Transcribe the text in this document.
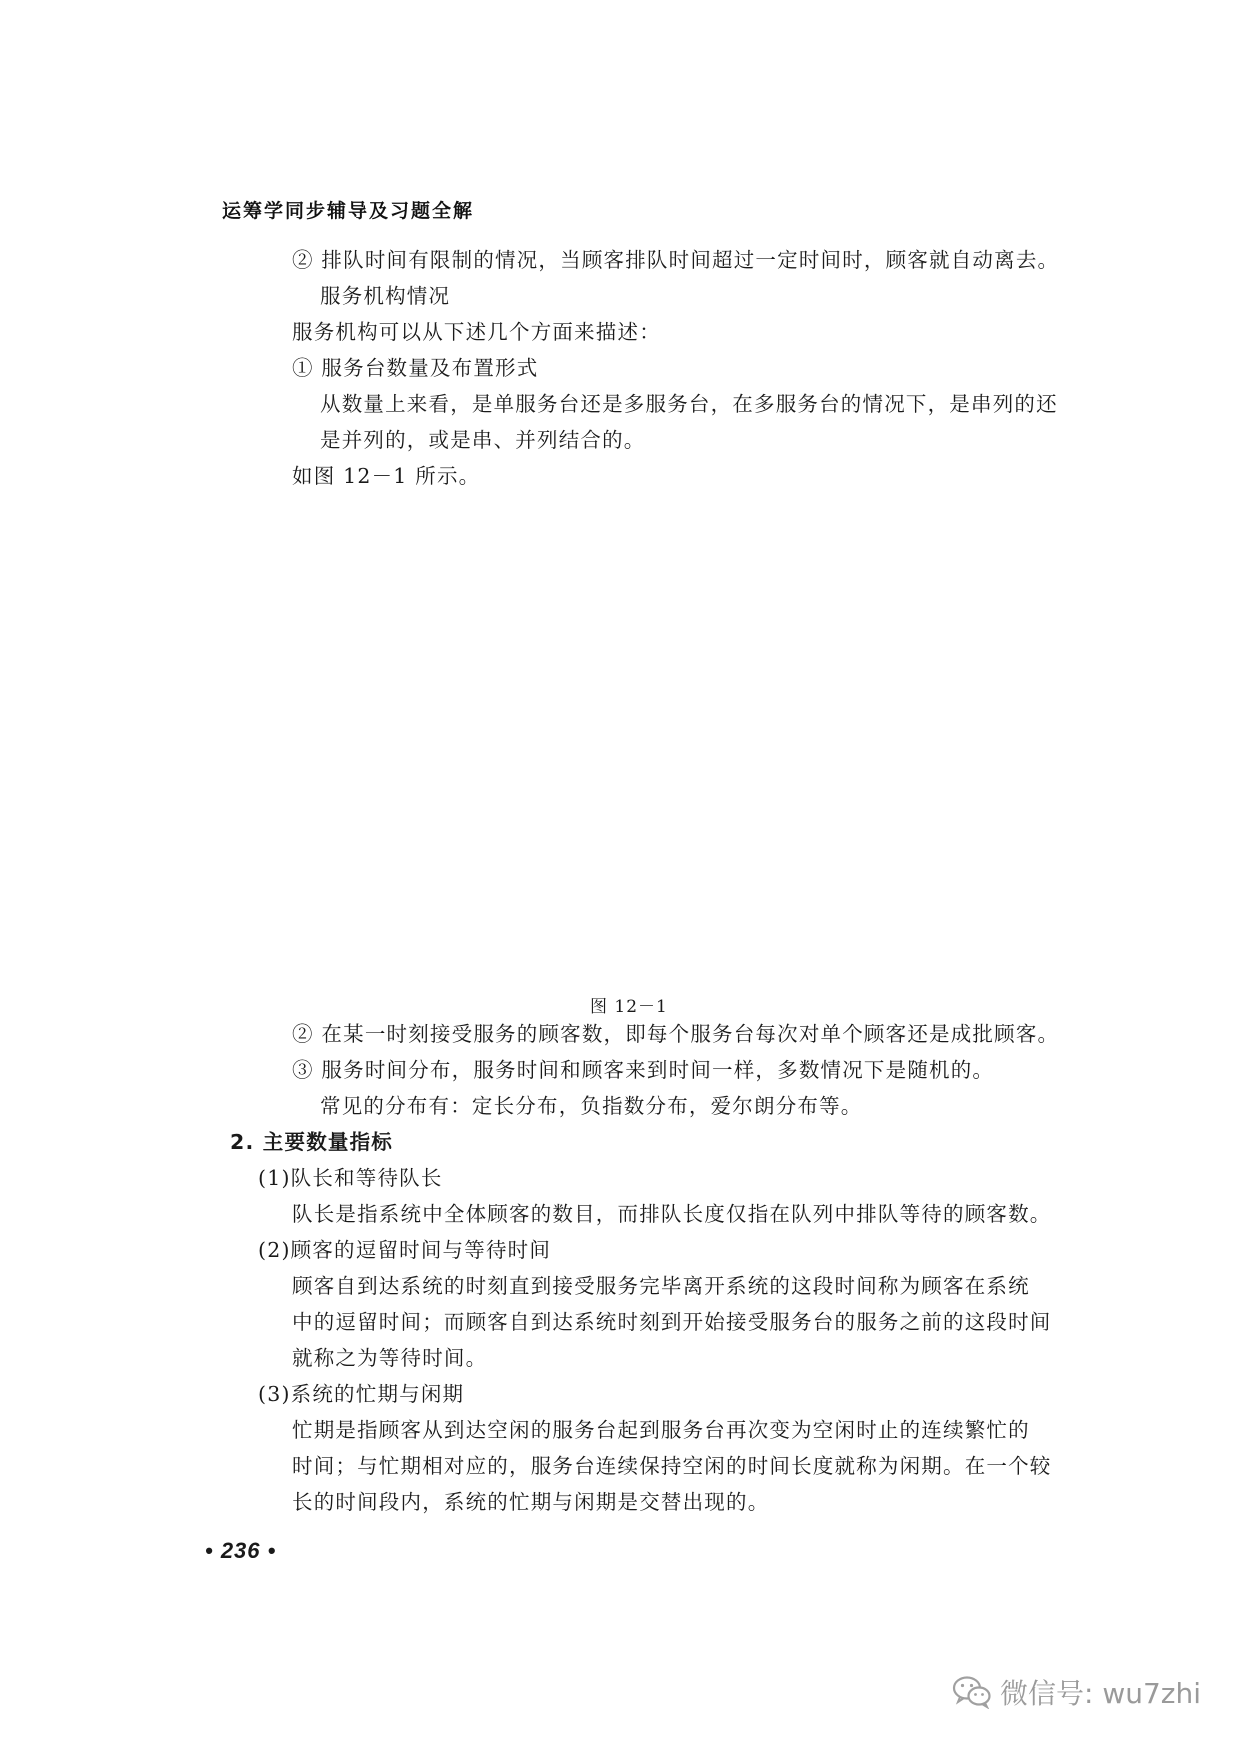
运筹学同步辅导及习题全解
② 排队时间有限制的情况，当顾客排队时间超过一定时间时，顾客就自动离去。
服务机构情况
服务机构可以从下述几个方面来描述：
① 服务台数量及布置形式
从数量上来看，是单服务台还是多服务台，在多服务台的情况下，是串列的还
是并列的，或是串、并列结合的。
如图 12－1 所示。
图 12－1
② 在某一时刻接受服务的顾客数，即每个服务台每次对单个顾客还是成批顾客。
③ 服务时间分布，服务时间和顾客来到时间一样，多数情况下是随机的。
常见的分布有：定长分布，负指数分布，爱尔朗分布等。
2. 主要数量指标
(1)队长和等待队长
队长是指系统中全体顾客的数目，而排队长度仅指在队列中排队等待的顾客数。
(2)顾客的逗留时间与等待时间
顾客自到达系统的时刻直到接受服务完毕离开系统的这段时间称为顾客在系统
中的逗留时间；而顾客自到达系统时刻到开始接受服务台的服务之前的这段时间
就称之为等待时间。
(3)系统的忙期与闲期
忙期是指顾客从到达空闲的服务台起到服务台再次变为空闲时止的连续繁忙的
时间；与忙期相对应的，服务台连续保持空闲的时间长度就称为闲期。在一个较
长的时间段内，系统的忙期与闲期是交替出现的。
• 236 •
微信号: wu7zhi
